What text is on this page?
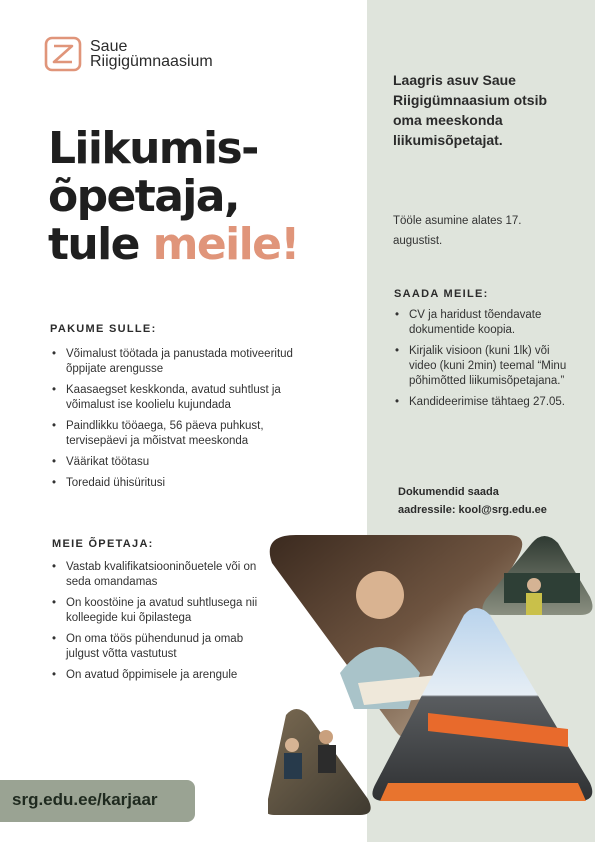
Saue
Riigigümnaasium
Liikumis-
õpetaja,
tule meile!
PAKUME SULLE:
• Võimalust töötada ja panustada motiveeritud õppijate arengusse
• Kaasaegset keskkonda, avatud suhtlust ja võimalust ise koolielu kujundada
• Paindlikku tööaega, 56 päeva puhkust, tervisepäevi ja mõistvat meeskonda
• Väärikat töötasu
• Toredaid ühisüritusi
MEIE ÕPETAJA:
• Vastab kvalifikatsiooninõuetele või on seda omandamas
• On koostöine ja avatud suhtlusega nii kolleegide kui õpilastega
• On oma töös pühendunud ja omab julgust võtta vastutust
• On avatud õppimisele ja arengule
Laagris asuv Saue Riigigümnaasium otsib oma meeskonda liikumisõpetajat.
Tööle asumine alates 17. augustist.
SAADA MEILE:
• CV ja haridust tõendavate dokumentide koopia.
• Kirjalik visioon (kuni 1lk) või video (kuni 2min) teemal “Minu põhimõtted liikumisõpetajana.”
• Kandideerimise tähtaeg 27.05.
Dokumendid saada
aadressile: kool@srg.edu.ee
srg.edu.ee/karjaar
